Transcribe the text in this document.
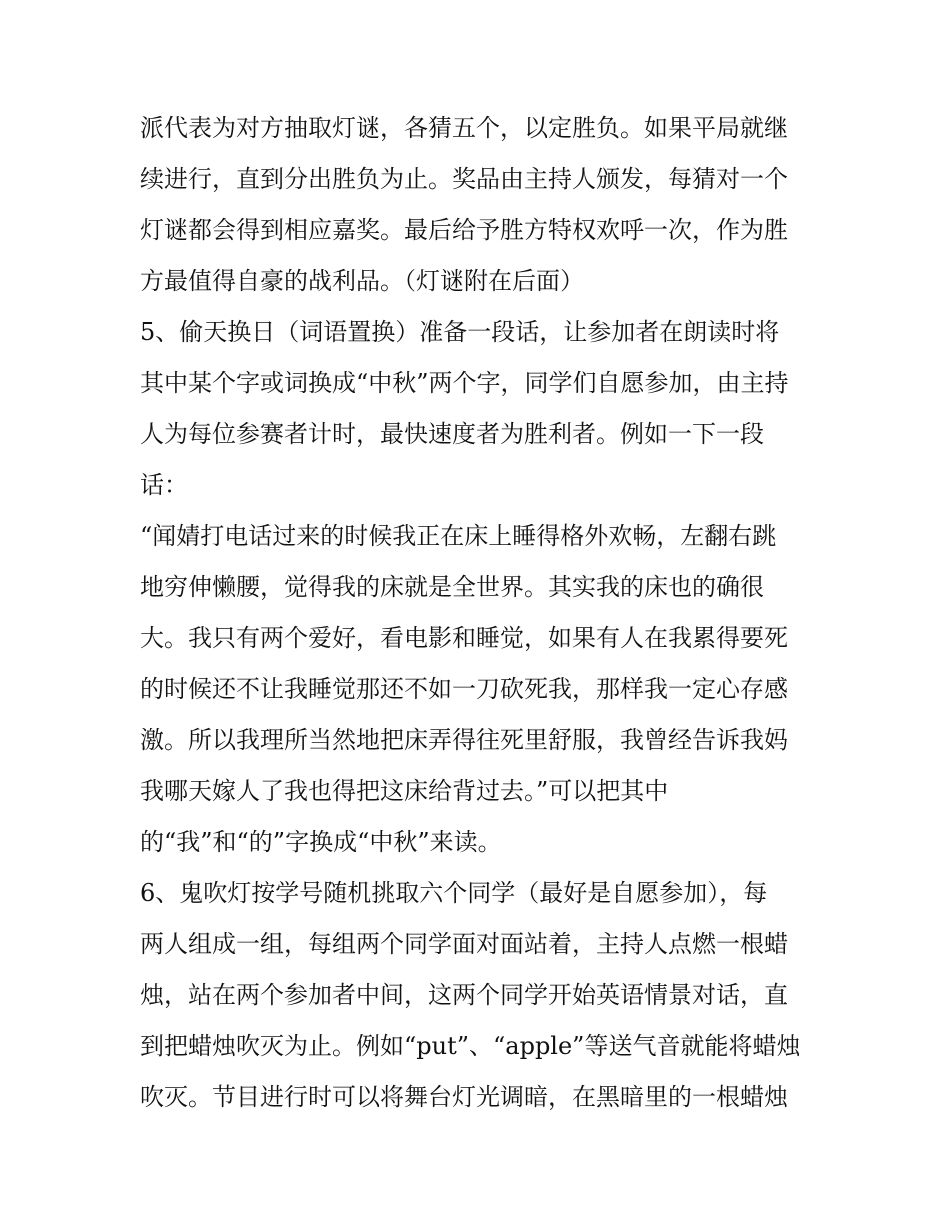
派代表为对方抽取灯谜，各猜五个，以定胜负。如果平局就继
续进行，直到分出胜负为止。奖品由主持人颁发，每猜对一个
灯谜都会得到相应嘉奖。最后给予胜方特权欢呼一次，作为胜
方最值得自豪的战利品。（灯谜附在后面）
5、偷天换日（词语置换）准备一段话，让参加者在朗读时将
其中某个字或词换成“中秋”两个字，同学们自愿参加，由主持
人为每位参赛者计时，最快速度者为胜利者。例如一下一段
话：
“闻婧打电话过来的时候我正在床上睡得格外欢畅，左翻右跳
地穷伸懒腰，觉得我的床就是全世界。其实我的床也的确很
大。我只有两个爱好，看电影和睡觉，如果有人在我累得要死
的时候还不让我睡觉那还不如一刀砍死我，那样我一定心存感
激。所以我理所当然地把床弄得往死里舒服，我曾经告诉我妈
我哪天嫁人了我也得把这床给背过去。”可以把其中
的“我”和“的”字换成“中秋”来读。
6、鬼吹灯按学号随机挑取六个同学（最好是自愿参加），每
两人组成一组，每组两个同学面对面站着，主持人点燃一根蜡
烛，站在两个参加者中间，这两个同学开始英语情景对话，直
到把蜡烛吹灭为止。例如“put”、“apple”等送气音就能将蜡烛
吹灭。节目进行时可以将舞台灯光调暗，在黑暗里的一根蜡烛
